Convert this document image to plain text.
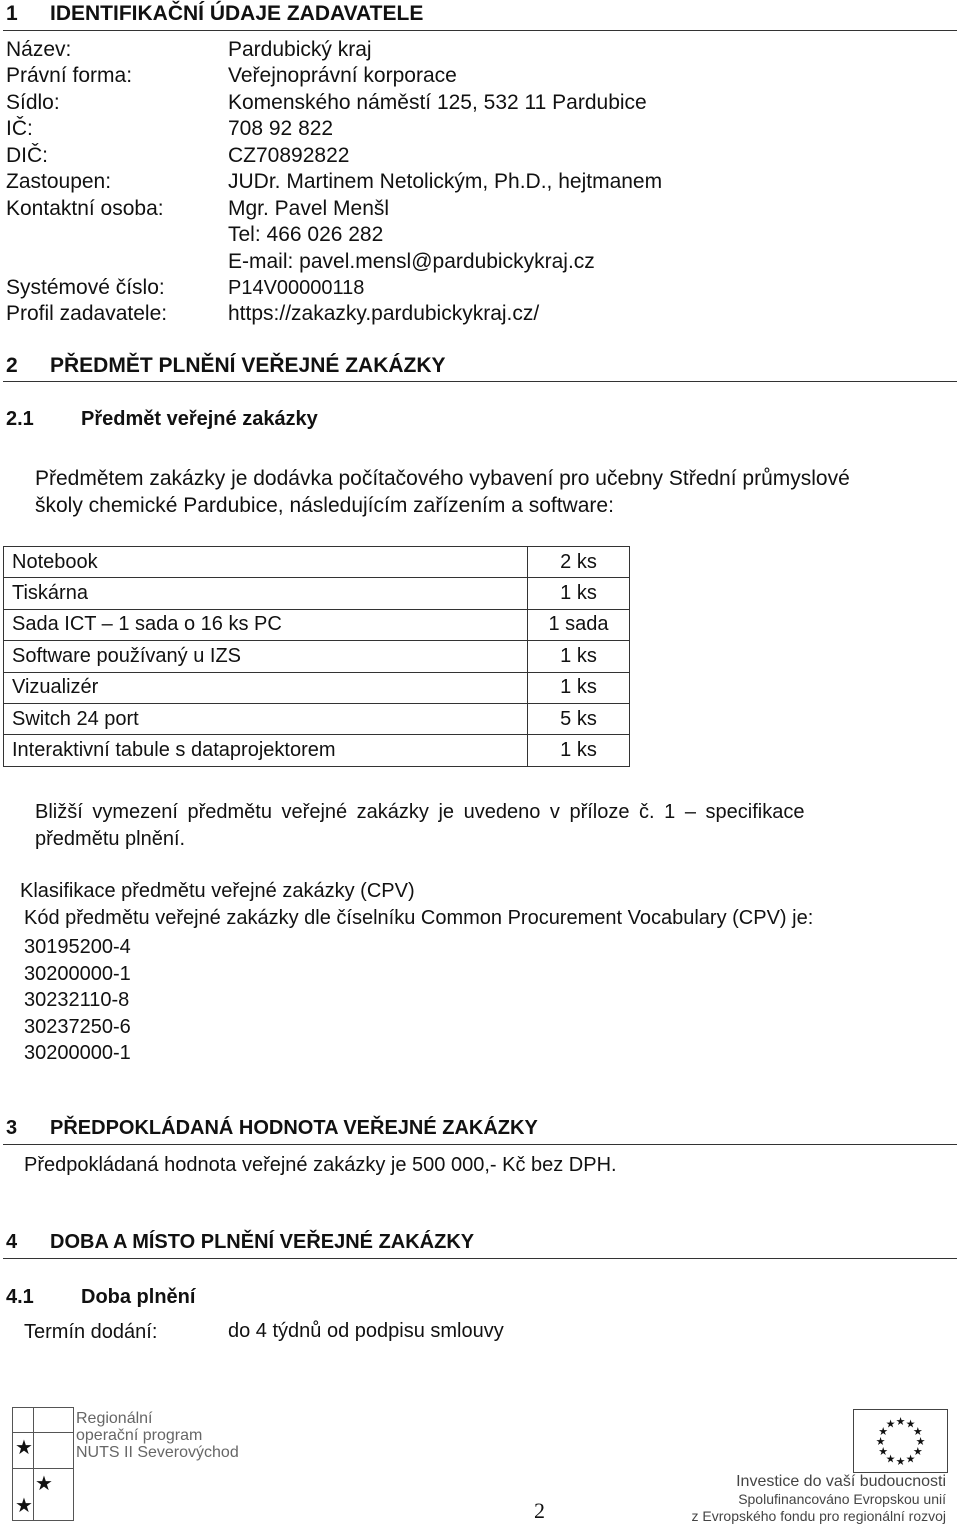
1 IDENTIFIKAČNÍ ÚDAJE ZADAVATELE
Název:	Pardubický kraj
Právní forma:	Veřejnoprávní korporace
Sídlo:	Komenského náměstí 125, 532 11 Pardubice
IČ:	708 92 822
DIČ:	CZ70892822
Zastoupen:	JUDr. Martinem Netolickým, Ph.D., hejtmanem
Kontaktní osoba:	Mgr. Pavel Menšl
Tel: 466 026 282
E-mail: pavel.mensl@pardubickykraj.cz
Systémové číslo:	P14V00000118
Profil zadavatele:	https://zakazky.pardubickykraj.cz/
2 PŘEDMĚT PLNĚNÍ VEŘEJNÉ ZAKÁZKY
2.1 Předmět veřejné zakázky
Předmětem zakázky je dodávka počítačového vybavení pro učebny Střední průmyslové
školy chemické Pardubice, následujícím zařízením a software:
Notebook	2 ks
Tiskárna	1 ks
Sada ICT – 1 sada o 16 ks PC	1 sada
Software používaný u IZS	1 ks
Vizualizér	1 ks
Switch 24 port	5 ks
Interaktivní tabule s dataprojektorem	1 ks
Bližší vymezení předmětu veřejné zakázky je uvedeno v příloze č. 1 – specifikace
předmětu plnění.
Klasifikace předmětu veřejné zakázky (CPV)
Kód předmětu veřejné zakázky dle číselníku Common Procurement Vocabulary (CPV) je:
30195200-4
30200000-1
30232110-8
30237250-6
30200000-1
3 PŘEDPOKLÁDANÁ HODNOTA VEŘEJNÉ ZAKÁZKY
Předpokládaná hodnota veřejné zakázky je 500 000,- Kč bez DPH.
4 DOBA A MÍSTO PLNĚNÍ VEŘEJNÉ ZAKÁZKY
4.1 Doba plnění
Termín dodání:	do 4 týdnů od podpisu smlouvy
★
★
★
Regionální
operační program
NUTS II Severovýchod
2
★
★
★
★
★
★
★
★
★ ★ ★
★
Investice do vaší budoucnosti
Spolufinancováno Evropskou unií
z Evropského fondu pro regionální rozvoj
